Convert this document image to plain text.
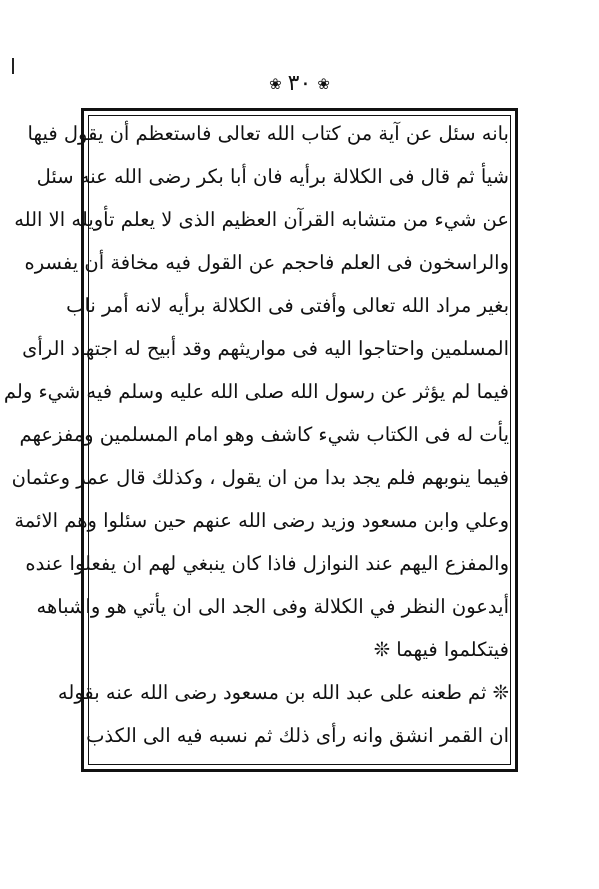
❀ ٣٠ ❀
بانه سئل عن آية من كتاب الله تعالى فاستعظم أن يقول فيها
شيأ ثم قال فى الكلالة برأيه فان أبا بكر رضى الله عنه سئل
عن شيء من متشابه القرآن العظيم الذى لا يعلم تأويله الا الله
والراسخون فى العلم فاحجم عن القول فيه مخافة أن يفسره
بغير مراد الله تعالى وأفتى فى الكلالة برأيه لانه أمر ناب
المسلمين واحتاجوا اليه فى مواريثهم وقد أبيح له اجتهاد الرأى
فيما لم يؤثر عن رسول الله صلى الله عليه وسلم فيه شيء ولم
يأت له فى الكتاب شيء كاشف وهو امام المسلمين ومفزعهم
فيما ينوبهم فلم يجد بدا من ان يقول ، وكذلك قال عمر وعثمان
وعلي وابن مسعود وزيد رضى الله عنهم حين سئلوا وهم الائمة
والمفزع اليهم عند النوازل فاذا كان ينبغي لهم ان يفعلوا عنده
أيدعون النظر في الكلالة وفى الجد الى ان يأتي هو واشباهه
فيتكلموا فيهما ❊
❊ ثم طعنه على عبد الله بن مسعود رضى الله عنه بقوله
ان القمر انشق وانه رأى ذلك ثم نسبه فيه الى الكذب
